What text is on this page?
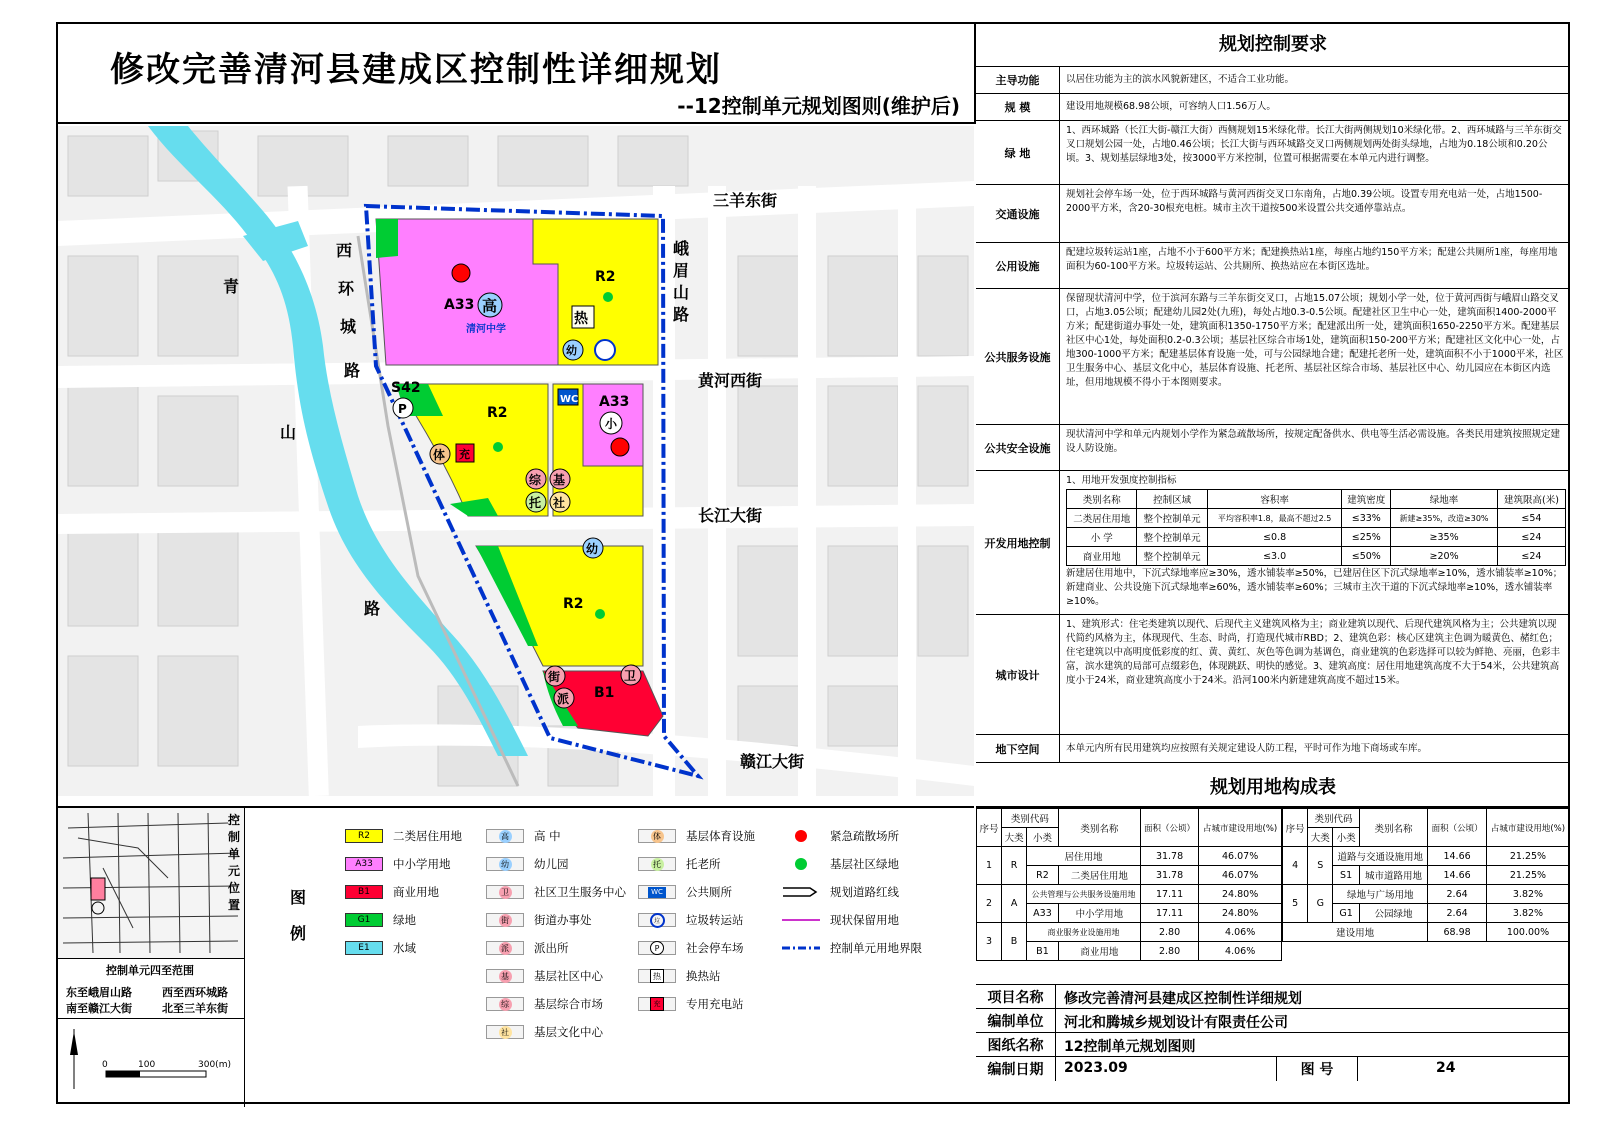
修改完善清河县建成区控制性详细规划
--12控制单元规划图则(维护后)
A33 高
清河中学
R2
热
幼
S42
P	R2
WC A33
小
体 充
综 基
托 社
幼
R2
街	卫
派 B1
三羊东街
黄河西街
长江大街
赣江大街
峨
眉
山
路
西
环
城
路
青
山
路
规划控制要求
主导功能	以居住功能为主的滨水风貌新建区，不适合工业功能。
规 模	建设用地规模68.98公顷，可容纳人口1.56万人。
绿 地
1、西环城路（长江大街-赣江大街）西侧规划15米绿化带。长江大街两侧规划10米绿化带。2、西环城路与三羊东街交叉口规划公园一处，占地0.46公顷；长江大街与西环城路交叉口两侧规划两处街头绿地，占地为0.18公顷和0.20公顷。3、规划基层绿地3处，按3000平方米控制，位置可根据需要在本单元内进行调整。
交通设施
规划社会停车场一处，位于西环城路与黄河西街交叉口东南角，占地0.39公顷。设置专用充电站一处，占地1500-2000平方米，含20-30根充电桩。城市主次干道按500米设置公共交通停靠站点。
公用设施
配建垃圾转运站1座，占地不小于600平方米；配建换热站1座，每座占地约150平方米；配建公共厕所1座，每座用地面积为60-100平方米。垃圾转运站、公共厕所、换热站应在本街区选址。
公共服务设施
保留现状清河中学，位于滨河东路与三羊东街交叉口，占地15.07公顷；规划小学一处，位于黄河西街与峨眉山路交叉口，占地3.05公顷；配建幼儿园2处(九班)，每处占地0.3-0.5公顷。配建社区卫生中心一处，建筑面积1400-2000平方米；配建街道办事处一处，建筑面积1350-1750平方米；配建派出所一处，建筑面积1650-2250平方米。配建基层社区中心1处，每处面积0.2-0.3公顷；基层社区综合市场1处，建筑面积150-200平方米；配建社区文化中心一处，占地300-1000平方米；配建基层体育设施一处，可与公园绿地合建；配建托老所一处，建筑面积不小于1000平米，社区卫生服务中心、基层文化中心，基层体育设施、托老所、基层社区综合市场、基层社区中心、幼儿园应在本街区内选址，但用地规模不得小于本图则要求。
公共安全设施
现状清河中学和单元内规划小学作为紧急疏散场所，按规定配备供水、供电等生活必需设施。各类民用建筑按照规定建设人防设施。
开发用地控制
1、用地开发强度控制指标
类别名称	控制区域	容积率	建筑密度	绿地率	建筑限高(米)
二类居住用地	整个控制单元	平均容积率1.8，最高不超过2.5	≤33%	新建≥35%，改造≥30%	≤54
小 学	整个控制单元	≤0.8	≤25%	≥35%	≤24
商业用地	整个控制单元	≤3.0	≤50%	≥20%	≤24
新建居住用地中，下沉式绿地率应≥30%，透水铺装率≥50%，已建居住区下沉式绿地率≥10%，透水铺装率≥10%；新建商业、公共设施下沉式绿地率≥60%，透水铺装率≥60%；三城市主次干道的下沉式绿地率≥10%，透水铺装率≥10%。
城市设计
1、建筑形式：住宅类建筑以现代、后现代主义建筑风格为主；商业建筑以现代、后现代建筑风格为主；公共建筑以现代简约风格为主，体现现代、生态、时尚，打造现代城市RBD；2、建筑色彩：核心区建筑主色调为暖黄色、赭红色；住宅建筑以中高明度低彩度的红、黄、黄红、灰色等色调为基调色，商业建筑的色彩选择可以较为鲜艳、亮丽，色彩丰富，滨水建筑的局部可点缀彩色，体现跳跃、明快的感觉。3、建筑高度：居住用地建筑高度不大于54米，公共建筑高度小于24米，商业建筑高度小于24米。沿河100米内新建建筑高度不超过15米。
地下空间	本单元内所有民用建筑均应按照有关规定建设人防工程，平时可作为地下商场或车库。
规划用地构成表
序号	类别代码		类别名称	面积（公顷）	占城市建设用地(%)
	大类	小类			
1	R	居住用地		31.78	46.07%
		R2	二类居住用地	31.78	46.07%
2	A	公共管理与公共服务设施用地		17.11	24.80%
		A33	中小学用地	17.11	24.80%
3	B	商业服务业设施用地		2.80	4.06%
		B1	商业用地	2.80	4.06%
序号	类别代码		类别名称	面积（公顷）	占城市建设用地(%)
	大类	小类			
4	S	道路与交通设施用地		14.66	21.25%
		S1	城市道路用地	14.66	21.25%
5	G	绿地与广场用地		2.64	3.82%
		G1	公园绿地	2.64	3.82%
建设用地				68.98	100.00%
项目名称	修改完善清河县建成区控制性详细规划
编制单位	河北和腾城乡规划设计有限责任公司
图纸名称	12控制单元规划图则
编制日期	2023.09	图 号	24
控
制
单
元
位
置
控制单元四至范围
东至峨眉山路	西至西环城路
南至赣江大街	北至三羊东街
0	100	300(m)
图
例
R2	二类居住用地
A33	中小学用地
B1	商业用地
G1	绿地
E1	水域
高 高 中
幼 幼儿园
卫 社区卫生服务中心
街 街道办事处
派 派出所
基 基层社区中心
综 基层综合市场
社 基层文化中心
体 基层体育设施
托 托老所
WC 公共厕所
垃	垃圾转运站
P	社会停车场
热 换热站
充	专用充电站
紧急疏散场所
基层社区绿地
规划道路红线
现状保留用地
控制单元用地界限
